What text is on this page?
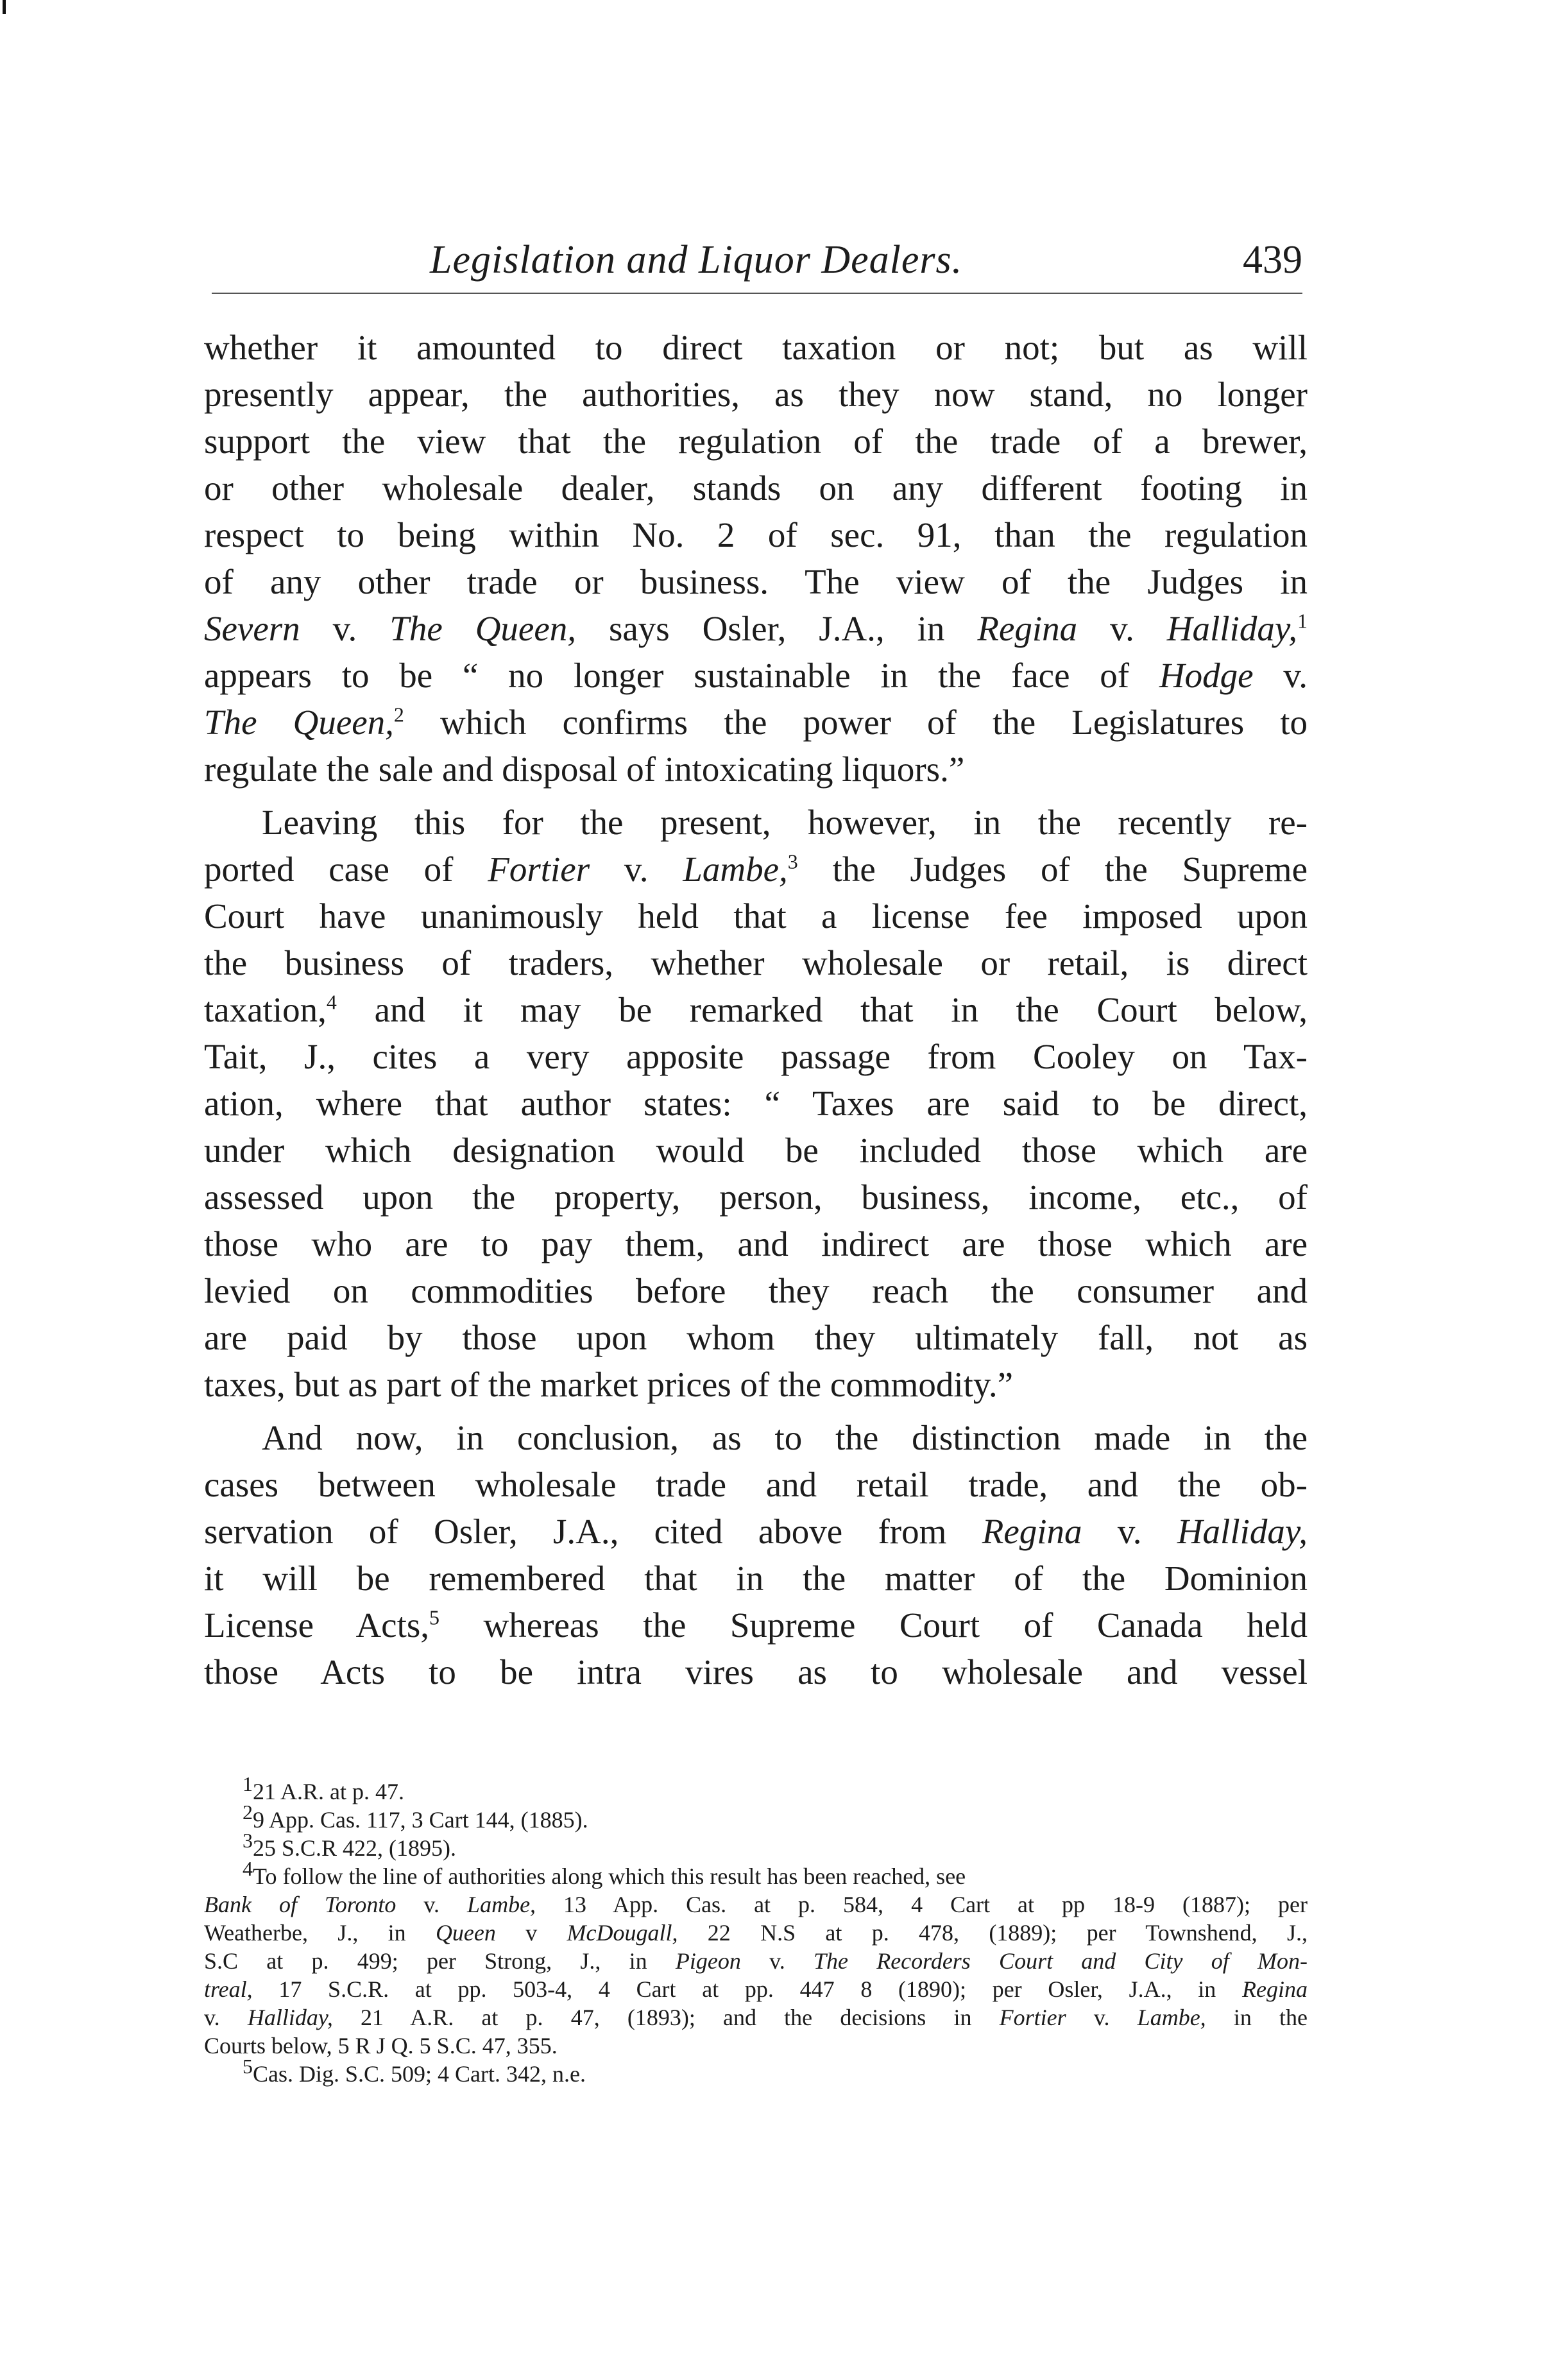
Legislation and Liquor Dealers.	439
whether it amounted to direct taxation or not; but as will
presently appear, the authorities, as they now stand, no longer
support the view that the regulation of the trade of a brewer,
or other wholesale dealer, stands on any different footing in
respect to being within No. 2 of sec. 91, than the regulation
of any other trade or business. The view of the Judges in
Severn v. The Queen, says Osler, J.A., in Regina v. Halliday,$^1$
appears to be “ no longer sustainable in the face of Hodge v.
The Queen,$^2$ which confirms the power of the Legislatures to
regulate the sale and disposal of intoxicating liquors.”
Leaving this for the present, however, in the recently re-
ported case of Fortier v. Lambe,$^3$ the Judges of the Supreme
Court have unanimously held that a license fee imposed upon
the business of traders, whether wholesale or retail, is direct
taxation,$^4$ and it may be remarked that in the Court below,
Tait, J., cites a very apposite passage from Cooley on Tax-
ation, where that author states: “ Taxes are said to be direct,
under which designation would be included those which are
assessed upon the property, person, business, income, etc., of
those who are to pay them, and indirect are those which are
levied on commodities before they reach the consumer and
are paid by those upon whom they ultimately fall, not as
taxes, but as part of the market prices of the commodity.”
And now, in conclusion, as to the distinction made in the
cases between wholesale trade and retail trade, and the ob-
servation of Osler, J.A., cited above from Regina v. Halliday,
it will be remembered that in the matter of the Dominion
License Acts,$^5$ whereas the Supreme Court of Canada held
those Acts to be intra vires as to wholesale and vessel
$^1$21 A.R. at p. 47.
$^2$9 App. Cas. 117, 3 Cart 144, (1885).
$^3$25 S.C.R 422, (1895).
$^4$To follow the line of authorities along which this result has been reached, see
Bank of Toronto v. Lambe, 13 App. Cas. at p. 584, 4 Cart at pp 18-9 (1887); per
Weatherbe, J., in Queen v McDougall, 22 N.S at p. 478, (1889); per Townshend, J.,
S.C at p. 499; per Strong, J., in Pigeon v. The Recorders Court and City of Mon-
treal, 17 S.C.R. at pp. 503-4, 4 Cart at pp. 447 8 (1890); per Osler, J.A., in Regina
v. Halliday, 21 A.R. at p. 47, (1893); and the decisions in Fortier v. Lambe, in the
Courts below, 5 R J Q. 5 S.C. 47, 355.
$^5$Cas. Dig. S.C. 509; 4 Cart. 342, n.e.
